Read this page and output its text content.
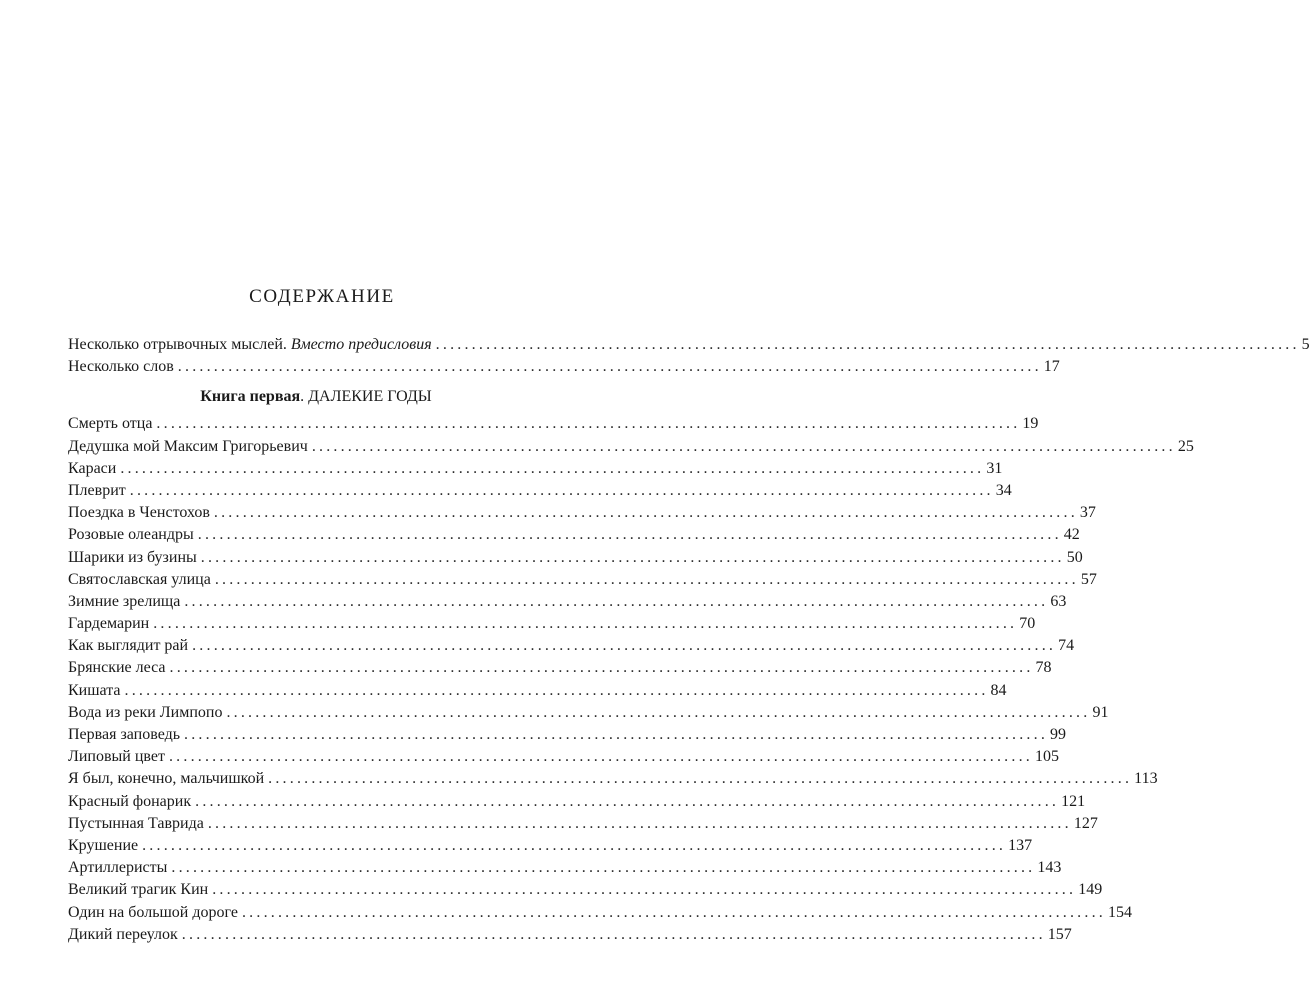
СОДЕРЖАНИЕ
Несколько отрывочных мыслей. Вместо предисловия ........................................................................................................................ 5
Несколько слов ........................................................................................................................ 17
Книга первая. ДАЛЕКИЕ ГОДЫ
Смерть отца ........................................................................................................................ 19
Дедушка мой Максим Григорьевич ........................................................................................................................ 25
Караси ........................................................................................................................ 31
Плеврит ........................................................................................................................ 34
Поездка в Ченстохов ........................................................................................................................ 37
Розовые олеандры ........................................................................................................................ 42
Шарики из бузины ........................................................................................................................ 50
Святославская улица ........................................................................................................................ 57
Зимние зрелища ........................................................................................................................ 63
Гардемарин ........................................................................................................................ 70
Как выглядит рай ........................................................................................................................ 74
Брянские леса ........................................................................................................................ 78
Кишата ........................................................................................................................ 84
Вода из реки Лимпопо ........................................................................................................................ 91
Первая заповедь ........................................................................................................................ 99
Липовый цвет ........................................................................................................................ 105
Я был, конечно, мальчишкой ........................................................................................................................ 113
Красный фонарик ........................................................................................................................ 121
Пустынная Таврида ........................................................................................................................ 127
Крушение ........................................................................................................................ 137
Артиллеристы ........................................................................................................................ 143
Великий трагик Кин ........................................................................................................................ 149
Один на большой дороге ........................................................................................................................ 154
Дикий переулок ........................................................................................................................ 157
